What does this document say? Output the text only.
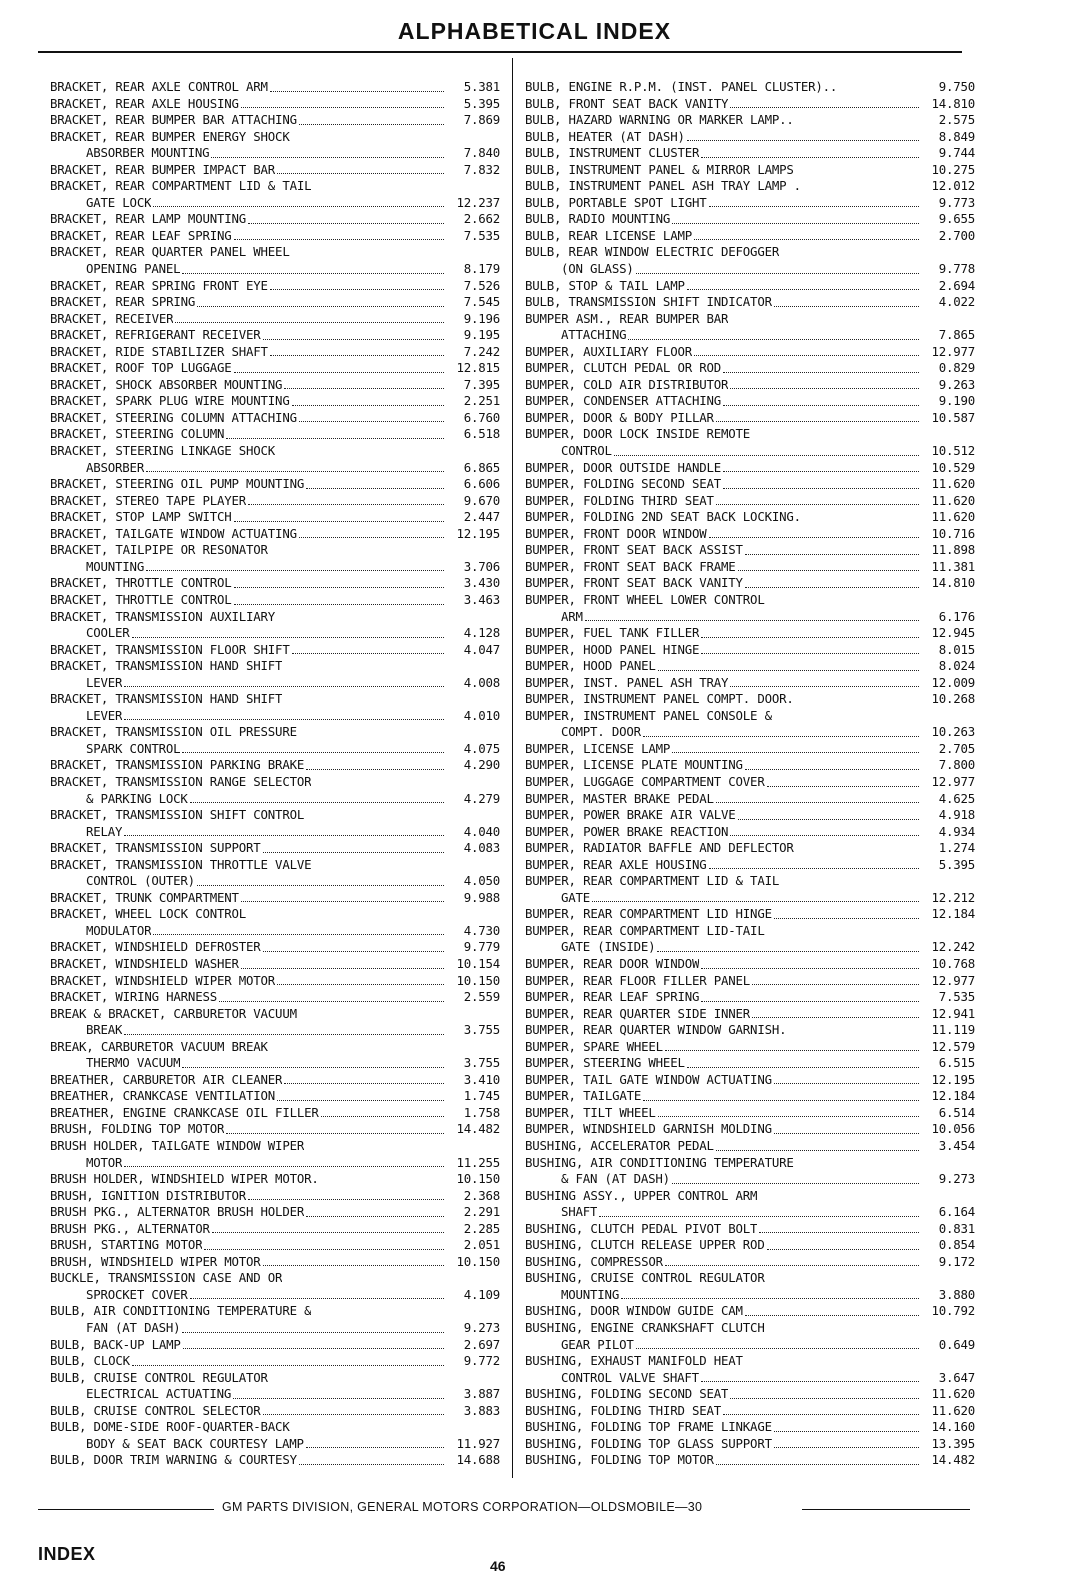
ALPHABETICAL INDEX
BRACKET, REAR AXLE CONTROL ARM	5.381
BRACKET, REAR AXLE HOUSING	5.395
BRACKET, REAR BUMPER BAR ATTACHING	7.869
BRACKET, REAR BUMPER ENERGY SHOCK
ABSORBER MOUNTING	7.840
BRACKET, REAR BUMPER IMPACT BAR	7.832
BRACKET, REAR COMPARTMENT LID & TAIL
GATE LOCK	12.237
BRACKET, REAR LAMP MOUNTING	2.662
BRACKET, REAR LEAF SPRING	7.535
BRACKET, REAR QUARTER PANEL WHEEL
OPENING PANEL	8.179
BRACKET, REAR SPRING FRONT EYE	7.526
BRACKET, REAR SPRING	7.545
BRACKET, RECEIVER	9.196
BRACKET, REFRIGERANT RECEIVER	9.195
BRACKET, RIDE STABILIZER SHAFT	7.242
BRACKET, ROOF TOP LUGGAGE	12.815
BRACKET, SHOCK ABSORBER MOUNTING	7.395
BRACKET, SPARK PLUG WIRE MOUNTING	2.251
BRACKET, STEERING COLUMN ATTACHING	6.760
BRACKET, STEERING COLUMN	6.518
BRACKET, STEERING LINKAGE SHOCK
ABSORBER	6.865
BRACKET, STEERING OIL PUMP MOUNTING	6.606
BRACKET, STEREO TAPE PLAYER	9.670
BRACKET, STOP LAMP SWITCH	2.447
BRACKET, TAILGATE WINDOW ACTUATING	12.195
BRACKET, TAILPIPE OR RESONATOR
MOUNTING	3.706
BRACKET, THROTTLE CONTROL	3.430
BRACKET, THROTTLE CONTROL	3.463
BRACKET, TRANSMISSION AUXILIARY
COOLER	4.128
BRACKET, TRANSMISSION FLOOR SHIFT	4.047
BRACKET, TRANSMISSION HAND SHIFT
LEVER	4.008
BRACKET, TRANSMISSION HAND SHIFT
LEVER	4.010
BRACKET, TRANSMISSION OIL PRESSURE
SPARK CONTROL	4.075
BRACKET, TRANSMISSION PARKING BRAKE	4.290
BRACKET, TRANSMISSION RANGE SELECTOR
& PARKING LOCK	4.279
BRACKET, TRANSMISSION SHIFT CONTROL
RELAY	4.040
BRACKET, TRANSMISSION SUPPORT	4.083
BRACKET, TRANSMISSION THROTTLE VALVE
CONTROL (OUTER)	4.050
BRACKET, TRUNK COMPARTMENT	9.988
BRACKET, WHEEL LOCK CONTROL
MODULATOR	4.730
BRACKET, WINDSHIELD DEFROSTER	9.779
BRACKET, WINDSHIELD WASHER	10.154
BRACKET, WINDSHIELD WIPER MOTOR	10.150
BRACKET, WIRING HARNESS	2.559
BREAK & BRACKET, CARBURETOR VACUUM
BREAK	3.755
BREAK, CARBURETOR VACUUM BREAK
THERMO VACUUM	3.755
BREATHER, CARBURETOR AIR CLEANER	3.410
BREATHER, CRANKCASE VENTILATION	1.745
BREATHER, ENGINE CRANKCASE OIL FILLER	1.758
BRUSH, FOLDING TOP MOTOR	14.482
BRUSH HOLDER, TAILGATE WINDOW WIPER
MOTOR	11.255
BRUSH HOLDER, WINDSHIELD WIPER MOTOR.	10.150
BRUSH, IGNITION DISTRIBUTOR	2.368
BRUSH PKG., ALTERNATOR BRUSH HOLDER	2.291
BRUSH PKG., ALTERNATOR	2.285
BRUSH, STARTING MOTOR	2.051
BRUSH, WINDSHIELD WIPER MOTOR	10.150
BUCKLE, TRANSMISSION CASE AND OR
SPROCKET COVER	4.109
BULB, AIR CONDITIONING TEMPERATURE &
FAN (AT DASH)	9.273
BULB, BACK-UP LAMP	2.697
BULB, CLOCK	9.772
BULB, CRUISE CONTROL REGULATOR
ELECTRICAL ACTUATING	3.887
BULB, CRUISE CONTROL SELECTOR	3.883
BULB, DOME-SIDE ROOF-QUARTER-BACK
BODY & SEAT BACK COURTESY LAMP	11.927
BULB, DOOR TRIM WARNING & COURTESY	14.688
BULB, ENGINE R.P.M. (INST. PANEL CLUSTER)..	9.750
BULB, FRONT SEAT BACK VANITY	14.810
BULB, HAZARD WARNING OR MARKER LAMP..	2.575
BULB, HEATER (AT DASH)	8.849
BULB, INSTRUMENT CLUSTER	9.744
BULB, INSTRUMENT PANEL & MIRROR LAMPS	10.275
BULB, INSTRUMENT PANEL ASH TRAY LAMP .	12.012
BULB, PORTABLE SPOT LIGHT	9.773
BULB, RADIO MOUNTING	9.655
BULB, REAR LICENSE LAMP	2.700
BULB, REAR WINDOW ELECTRIC DEFOGGER
(ON GLASS)	9.778
BULB, STOP & TAIL LAMP	2.694
BULB, TRANSMISSION SHIFT INDICATOR	4.022
BUMPER ASM., REAR BUMPER BAR
ATTACHING	7.865
BUMPER, AUXILIARY FLOOR	12.977
BUMPER, CLUTCH PEDAL OR ROD	0.829
BUMPER, COLD AIR DISTRIBUTOR	9.263
BUMPER, CONDENSER ATTACHING	9.190
BUMPER, DOOR & BODY PILLAR	10.587
BUMPER, DOOR LOCK INSIDE REMOTE
CONTROL	10.512
BUMPER, DOOR OUTSIDE HANDLE	10.529
BUMPER, FOLDING SECOND SEAT	11.620
BUMPER, FOLDING THIRD SEAT	11.620
BUMPER, FOLDING 2ND SEAT BACK LOCKING.	11.620
BUMPER, FRONT DOOR WINDOW	10.716
BUMPER, FRONT SEAT BACK ASSIST	11.898
BUMPER, FRONT SEAT BACK FRAME	11.381
BUMPER, FRONT SEAT BACK VANITY	14.810
BUMPER, FRONT WHEEL LOWER CONTROL
ARM	6.176
BUMPER, FUEL TANK FILLER	12.945
BUMPER, HOOD PANEL HINGE	8.015
BUMPER, HOOD PANEL	8.024
BUMPER, INST. PANEL ASH TRAY	12.009
BUMPER, INSTRUMENT PANEL COMPT. DOOR.	10.268
BUMPER, INSTRUMENT PANEL CONSOLE &
COMPT. DOOR	10.263
BUMPER, LICENSE LAMP	2.705
BUMPER, LICENSE PLATE MOUNTING	7.800
BUMPER, LUGGAGE COMPARTMENT COVER	12.977
BUMPER, MASTER BRAKE PEDAL	4.625
BUMPER, POWER BRAKE AIR VALVE	4.918
BUMPER, POWER BRAKE REACTION	4.934
BUMPER, RADIATOR BAFFLE AND DEFLECTOR	1.274
BUMPER, REAR AXLE HOUSING	5.395
BUMPER, REAR COMPARTMENT LID & TAIL
GATE	12.212
BUMPER, REAR COMPARTMENT LID HINGE	12.184
BUMPER, REAR COMPARTMENT LID-TAIL
GATE (INSIDE)	12.242
BUMPER, REAR DOOR WINDOW	10.768
BUMPER, REAR FLOOR FILLER PANEL	12.977
BUMPER, REAR LEAF SPRING	7.535
BUMPER, REAR QUARTER SIDE INNER	12.941
BUMPER, REAR QUARTER WINDOW GARNISH.	11.119
BUMPER, SPARE WHEEL	12.579
BUMPER, STEERING WHEEL	6.515
BUMPER, TAIL GATE WINDOW ACTUATING	12.195
BUMPER, TAILGATE	12.184
BUMPER, TILT WHEEL	6.514
BUMPER, WINDSHIELD GARNISH MOLDING	10.056
BUSHING, ACCELERATOR PEDAL	3.454
BUSHING, AIR CONDITIONING TEMPERATURE
& FAN (AT DASH)	9.273
BUSHING ASSY., UPPER CONTROL ARM
SHAFT	6.164
BUSHING, CLUTCH PEDAL PIVOT BOLT	0.831
BUSHING, CLUTCH RELEASE UPPER ROD	0.854
BUSHING, COMPRESSOR	9.172
BUSHING, CRUISE CONTROL REGULATOR
MOUNTING	3.880
BUSHING, DOOR WINDOW GUIDE CAM	10.792
BUSHING, ENGINE CRANKSHAFT CLUTCH
GEAR PILOT	0.649
BUSHING, EXHAUST MANIFOLD HEAT
CONTROL VALVE SHAFT	3.647
BUSHING, FOLDING SECOND SEAT	11.620
BUSHING, FOLDING THIRD SEAT	11.620
BUSHING, FOLDING TOP FRAME LINKAGE	14.160
BUSHING, FOLDING TOP GLASS SUPPORT	13.395
BUSHING, FOLDING TOP MOTOR	14.482
GM PARTS DIVISION, GENERAL MOTORS CORPORATION—OLDSMOBILE—30
INDEX
46
